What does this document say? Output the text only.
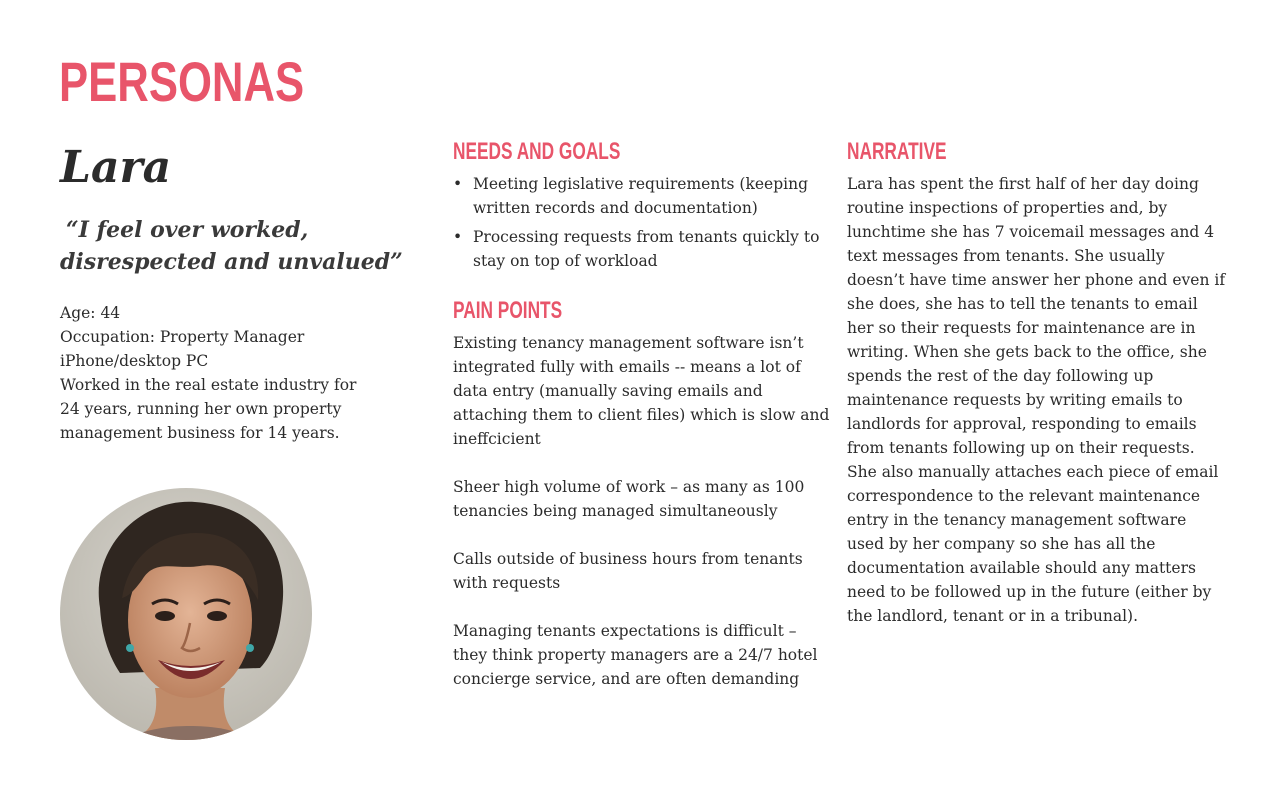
PERSONAS
Lara

“I feel over worked,
disrespected and unvalued”

Age: 44
Occupation: Property Manager
iPhone/desktop PC
Worked in the real estate industry for 24 years, running her own property management business for 14 years.
NEEDS AND GOALS
• Meeting legislative requirements (keeping written records and documentation)
• Processing requests from tenants quickly to stay on top of workload
PAIN POINTS

Existing tenancy management software isn’t integrated fully with emails -- means a lot of data entry (manually saving emails and attaching them to client files) which is slow and ineffcicient

Sheer high volume of work – as many as 100 tenancies being managed simultaneously

Calls outside of business hours from tenants with requests

Managing tenants expectations is difficult – they think property managers are a 24/7 hotel concierge service, and are often demanding

NARRATIVE

Lara has spent the first half of her day doing routine inspections of properties and, by lunchtime she has 7 voicemail messages and 4 text messages from tenants. She usually doesn’t have time answer her phone and even if she does, she has to tell the tenants to email her so their requests for maintenance are in writing. When she gets back to the office, she spends the rest of the day following up maintenance requests by writing emails to landlords for approval, responding to emails from tenants following up on their requests. She also manually attaches each piece of email correspondence to the relevant maintenance entry in the tenancy management software used by her company so she has all the documentation available should any matters need to be followed up in the future (either by the landlord, tenant or in a tribunal).
